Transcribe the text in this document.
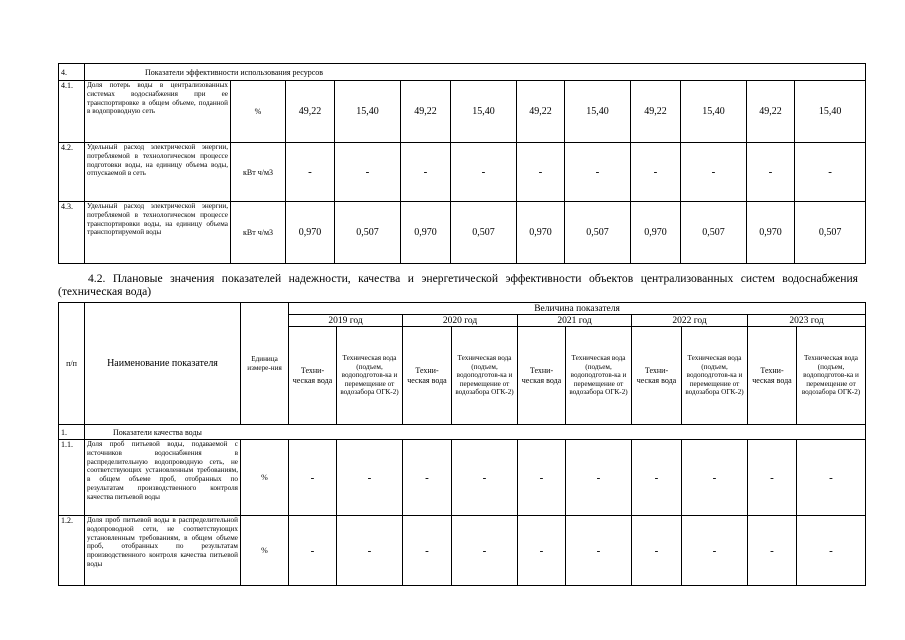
4.	Показатели эффективности использования ресурсов											
4.1.	Доля потерь воды в централизованных системах водоснабжения при ее транспортировке в общем объеме, поданной в водопроводную сеть	%	49,22	15,40	49,22	15,40	49,22	15,40	49,22	15,40	49,22	15,40
4.2.	Удельный расход электрической энергии, потребляемой в технологическом процессе подготовки воды, на единицу объема воды, отпускаемой в сеть	кВт ч/м3	-	-	-	-	-	-	-	-	-	-
4.3.	Удельный расход электрической энергии, потребляемой в технологическом процессе транспортировки воды, на единицу объема транспортируемой воды	кВт ч/м3	0,970	0,507	0,970	0,507	0,970	0,507	0,970	0,507	0,970	0,507
4.2. Плановые значения показателей надежности, качества и энергетической эффективности объектов централизованных систем водоснабжения (техническая вода)
п/п	Наименование показателя	Единица измере-ния	Величина показателя									
			2019 год		2020 год		2021 год		2022 год		2023 год	
			Техни-ческая вода	Техническая вода (подъем, водоподготов-ка и перемещение от водозабора ОГК-2)	Техни-ческая вода	Техническая вода (подъем, водоподготов-ка и перемещение от водозабора ОГК-2)	Техни-ческая вода	Техническая вода (подъем, водоподготов-ка и перемещение от водозабора ОГК-2)	Техни-ческая вода	Техническая вода (подъем, водоподготов-ка и перемещение от водозабора ОГК-2)	Техни-ческая вода	Техническая вода (подъем, водоподготов-ка и перемещение от водозабора ОГК-2)
1.	Показатели качества воды											
1.1.	Доля проб питьевой воды, подаваемой с источников водоснабжения в распределительную водопроводную сеть, не соответствующих установленным требованиям, в общем объеме проб, отобранных по результатам производственного контроля качества питьевой воды	%	-	-	-	-	-	-	-	-	-	-
1.2.	Доля проб питьевой воды в распределительной водопроводной сети, не соответствующих установленным требованиям, в общем объеме проб, отобранных по результатам производственного контроля качества питьевой воды	%	-	-	-	-	-	-	-	-	-	-
